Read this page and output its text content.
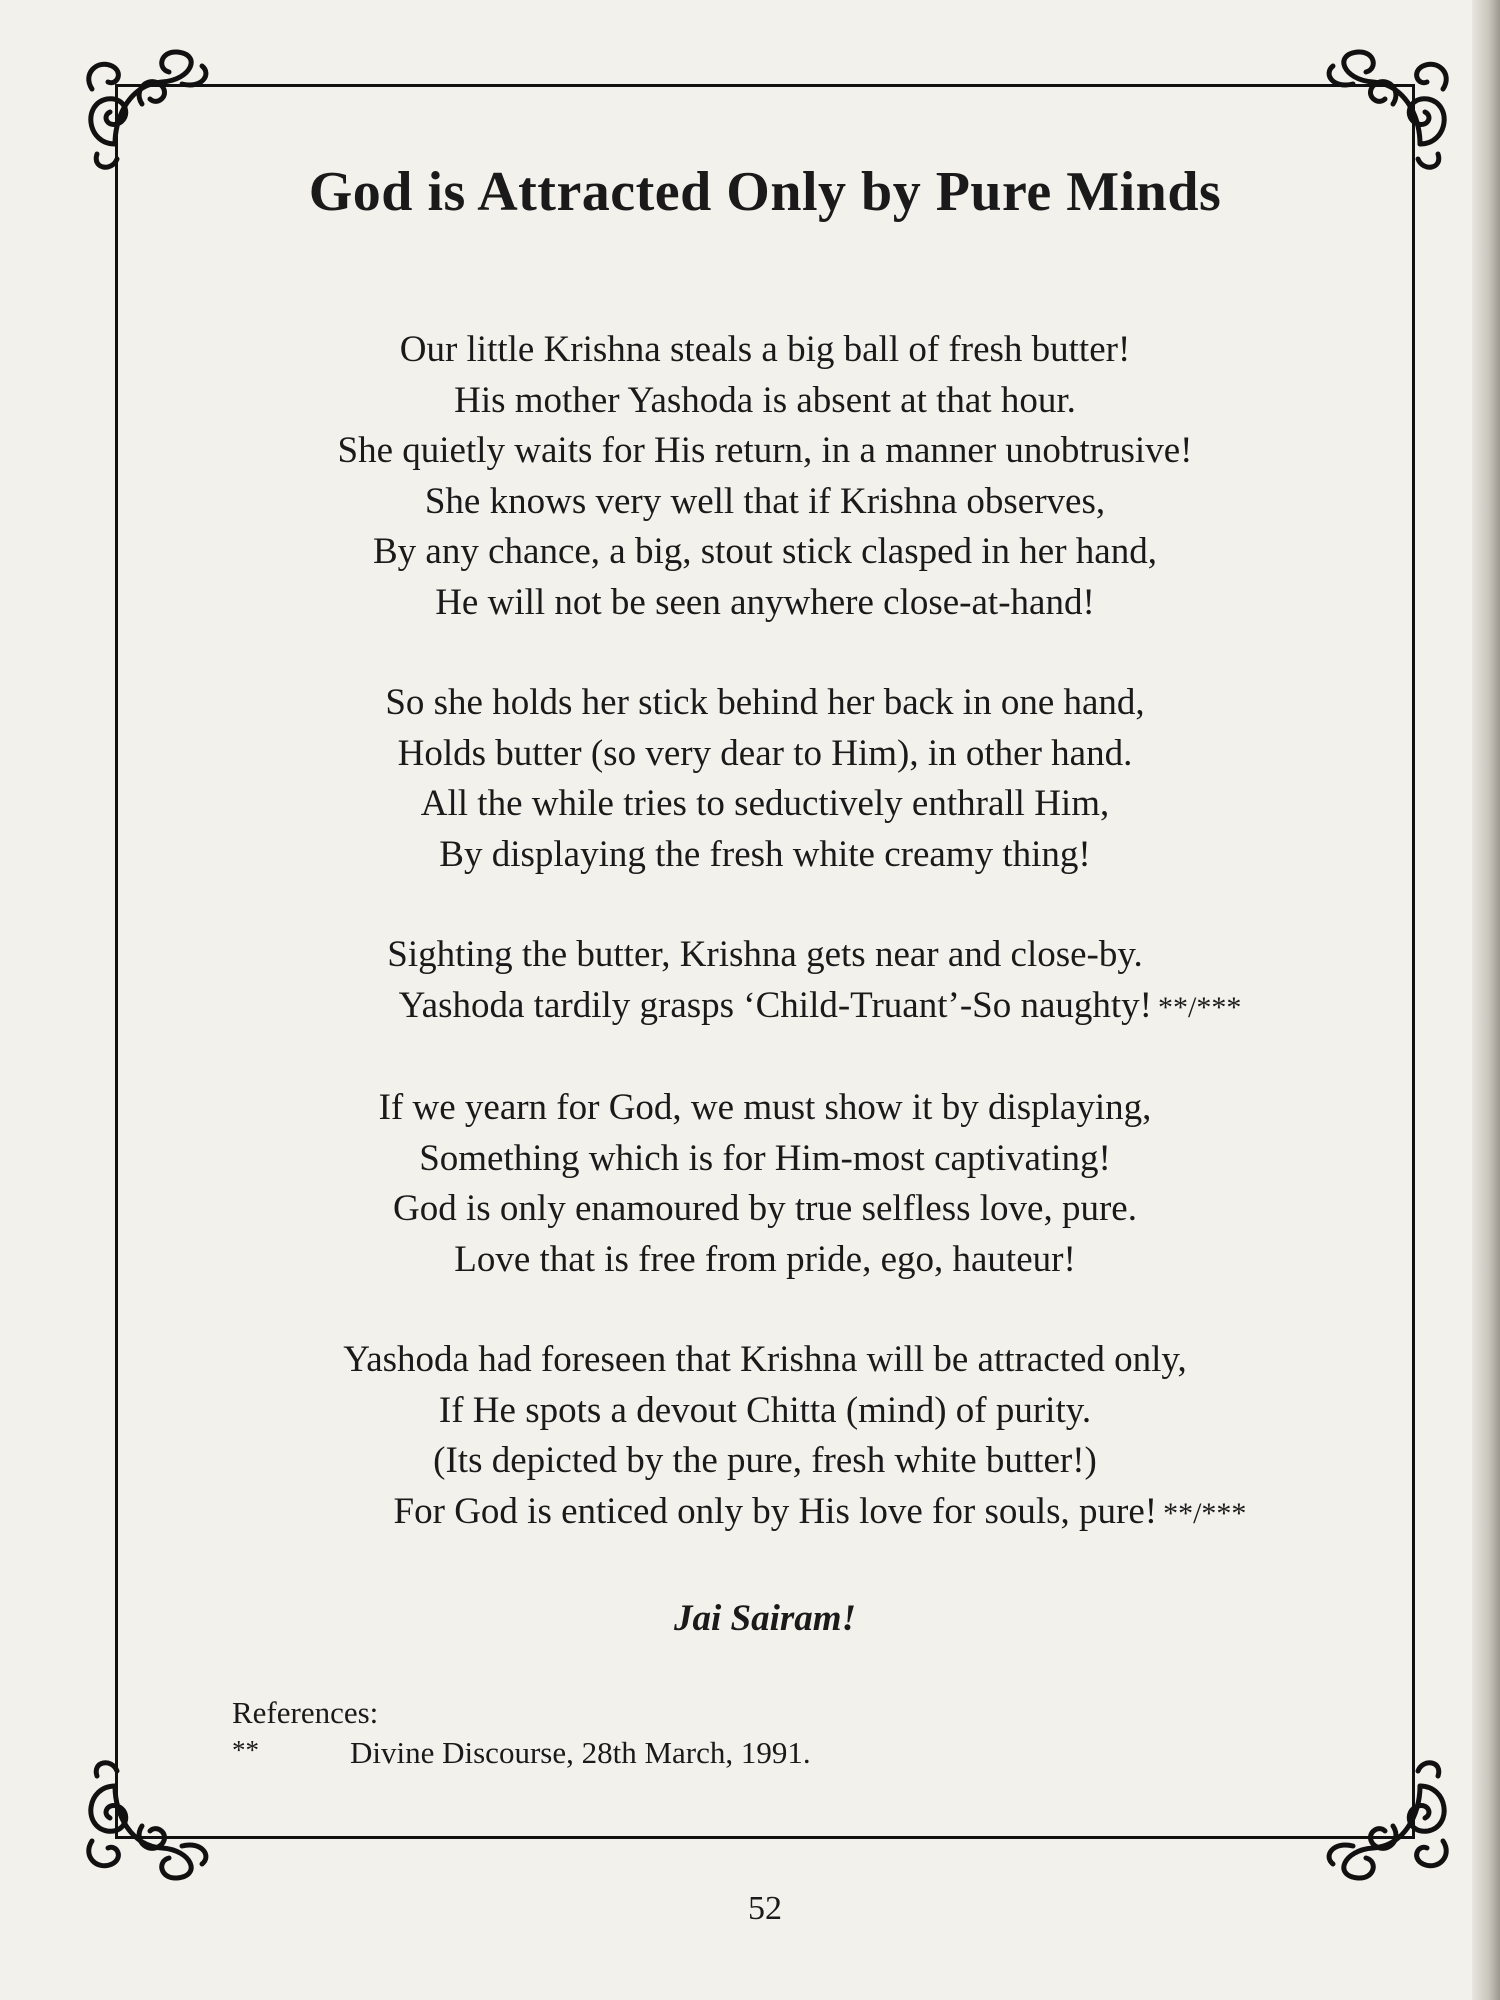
God is Attracted Only by Pure Minds
Our little Krishna steals a big ball of fresh butter!
His mother Yashoda is absent at that hour.
She quietly waits for His return, in a manner unobtrusive!
She knows very well that if Krishna observes,
By any chance, a big, stout stick clasped in her hand,
He will not be seen anywhere close-at-hand!
So she holds her stick behind her back in one hand,
Holds butter (so very dear to Him), in other hand.
All the while tries to seductively enthrall Him,
By displaying the fresh white creamy thing!
Sighting the butter, Krishna gets near and close-by.
Yashoda tardily grasps ‘Child-Truant’-So naughty! **/***
If we yearn for God, we must show it by displaying,
Something which is for Him-most captivating!
God is only enamoured by true selfless love, pure.
Love that is free from pride, ego, hauteur!
Yashoda had foreseen that Krishna will be attracted only,
If He spots a devout Chitta (mind) of purity.
(Its depicted by the pure, fresh white butter!)
For God is enticed only by His love for souls, pure! **/***
Jai Sairam!
References:
**	Divine Discourse, 28th March, 1991.
52
